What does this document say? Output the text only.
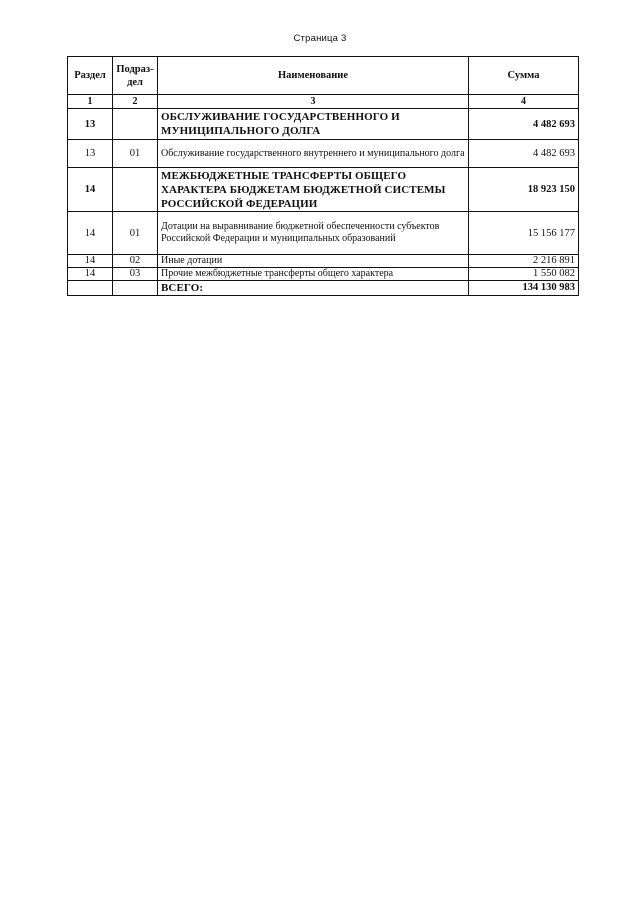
Страница 3
Раздел	Подраз-дел	Наименование	Сумма
1	2	3	4
13		ОБСЛУЖИВАНИЕ ГОСУДАРСТВЕННОГО И МУНИЦИПАЛЬНОГО ДОЛГА	4 482 693
13	01	Обслуживание государственного внутреннего и муниципального долга	4 482 693
14		МЕЖБЮДЖЕТНЫЕ ТРАНСФЕРТЫ ОБЩЕГО ХАРАКТЕРА БЮДЖЕТАМ БЮДЖЕТНОЙ СИСТЕМЫ РОССИЙСКОЙ ФЕДЕРАЦИИ	18 923 150
14	01	Дотации на выравнивание бюджетной обеспеченности субъектов Российской Федерации и муниципальных образований	15 156 177
14	02	Иные дотации	2 216 891
14	03	Прочие межбюджетные трансферты общего характера	1 550 082
		ВСЕГО:	134 130 983
